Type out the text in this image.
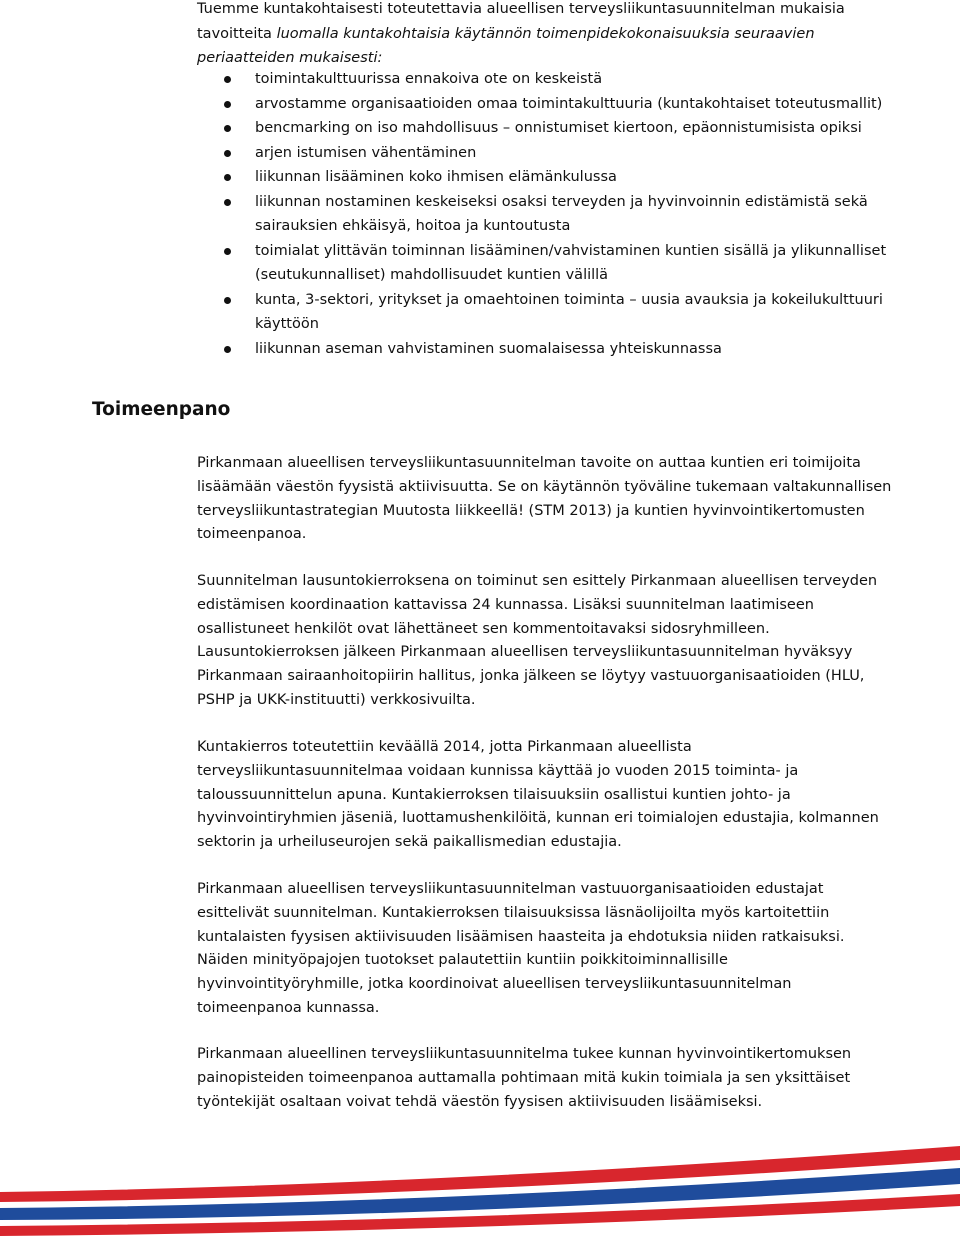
Tuemme kuntakohtaisesti toteutettavia alueellisen terveysliikuntasuunnitelman mukaisia
tavoitteita luomalla kuntakohtaisia käytännön toimenpidekokonaisuuksia seuraavien periaatteiden mukaisesti:

toimintakulttuurissa ennakoiva ote on keskeistä
arvostamme organisaatioiden omaa toimintakulttuuria (kuntakohtaiset toteutusmallit)
bencmarking on iso mahdollisuus – onnistumiset kiertoon, epäonnistumisista opiksi
arjen istumisen vähentäminen
liikunnan lisääminen koko ihmisen elämänkulussa
liikunnan nostaminen keskeiseksi osaksi terveyden ja hyvinvoinnin edistämistä sekä sairauksien ehkäisyä, hoitoa ja kuntoutusta
toimialat ylittävän toiminnan lisääminen/vahvistaminen kuntien sisällä ja ylikunnalliset (seutukunnalliset) mahdollisuudet kuntien välillä
kunta, 3-sektori, yritykset ja omaehtoinen toiminta – uusia avauksia ja kokeilukulttuuri käyttöön
liikunnan aseman vahvistaminen suomalaisessa yhteiskunnassa
Toimeenpano

Pirkanmaan alueellisen terveysliikuntasuunnitelman tavoite on auttaa kuntien eri toimijoita lisäämään väestön fyysistä aktiivisuutta. Se on käytännön työväline tukemaan valtakunnallisen terveysliikuntastrategian Muutosta liikkeellä! (STM 2013) ja kuntien hyvinvointikertomusten toimeenpanoa.

Suunnitelman lausuntokierroksena on toiminut sen esittely Pirkanmaan alueellisen terveyden edistämisen koordinaation kattavissa 24 kunnassa. Lisäksi suunnitelman laatimiseen osallistuneet henkilöt ovat lähettäneet sen kommentoitavaksi sidosryhmilleen. Lausuntokierroksen jälkeen Pirkanmaan alueellisen terveysliikuntasuunnitelman hyväksyy Pirkanmaan sairaanhoitopiirin hallitus, jonka jälkeen se löytyy vastuuorganisaatioiden (HLU, PSHP ja UKK-instituutti) verkkosivuilta.

Kuntakierros toteutettiin keväällä 2014, jotta Pirkanmaan alueellista terveysliikuntasuunnitelmaa voidaan kunnissa käyttää jo vuoden 2015 toiminta- ja taloussuunnittelun apuna. Kuntakierroksen tilaisuuksiin osallistui kuntien johto- ja hyvinvointiryhmien jäseniä, luottamushenkilöitä, kunnan eri toimialojen edustajia, kolmannen sektorin ja urheiluseurojen sekä paikallismedian edustajia.

Pirkanmaan alueellisen terveysliikuntasuunnitelman vastuuorganisaatioiden edustajat esittelivät suunnitelman. Kuntakierroksen tilaisuuksissa läsnäolijoilta myös kartoitettiin kuntalaisten fyysisen aktiivisuuden lisäämisen haasteita ja ehdotuksia niiden ratkaisuksi. Näiden minityöpajojen tuotokset palautettiin kuntiin poikkitoiminnallisille hyvinvointityöryhmille, jotka koordinoivat alueellisen terveysliikuntasuunnitelman toimeenpanoa kunnassa.

Pirkanmaan alueellinen terveysliikuntasuunnitelma tukee kunnan hyvinvointikertomuksen painopisteiden toimeenpanoa auttamalla pohtimaan mitä kukin toimiala ja sen yksittäiset työntekijät osaltaan voivat tehdä väestön fyysisen aktiivisuuden lisäämiseksi.
